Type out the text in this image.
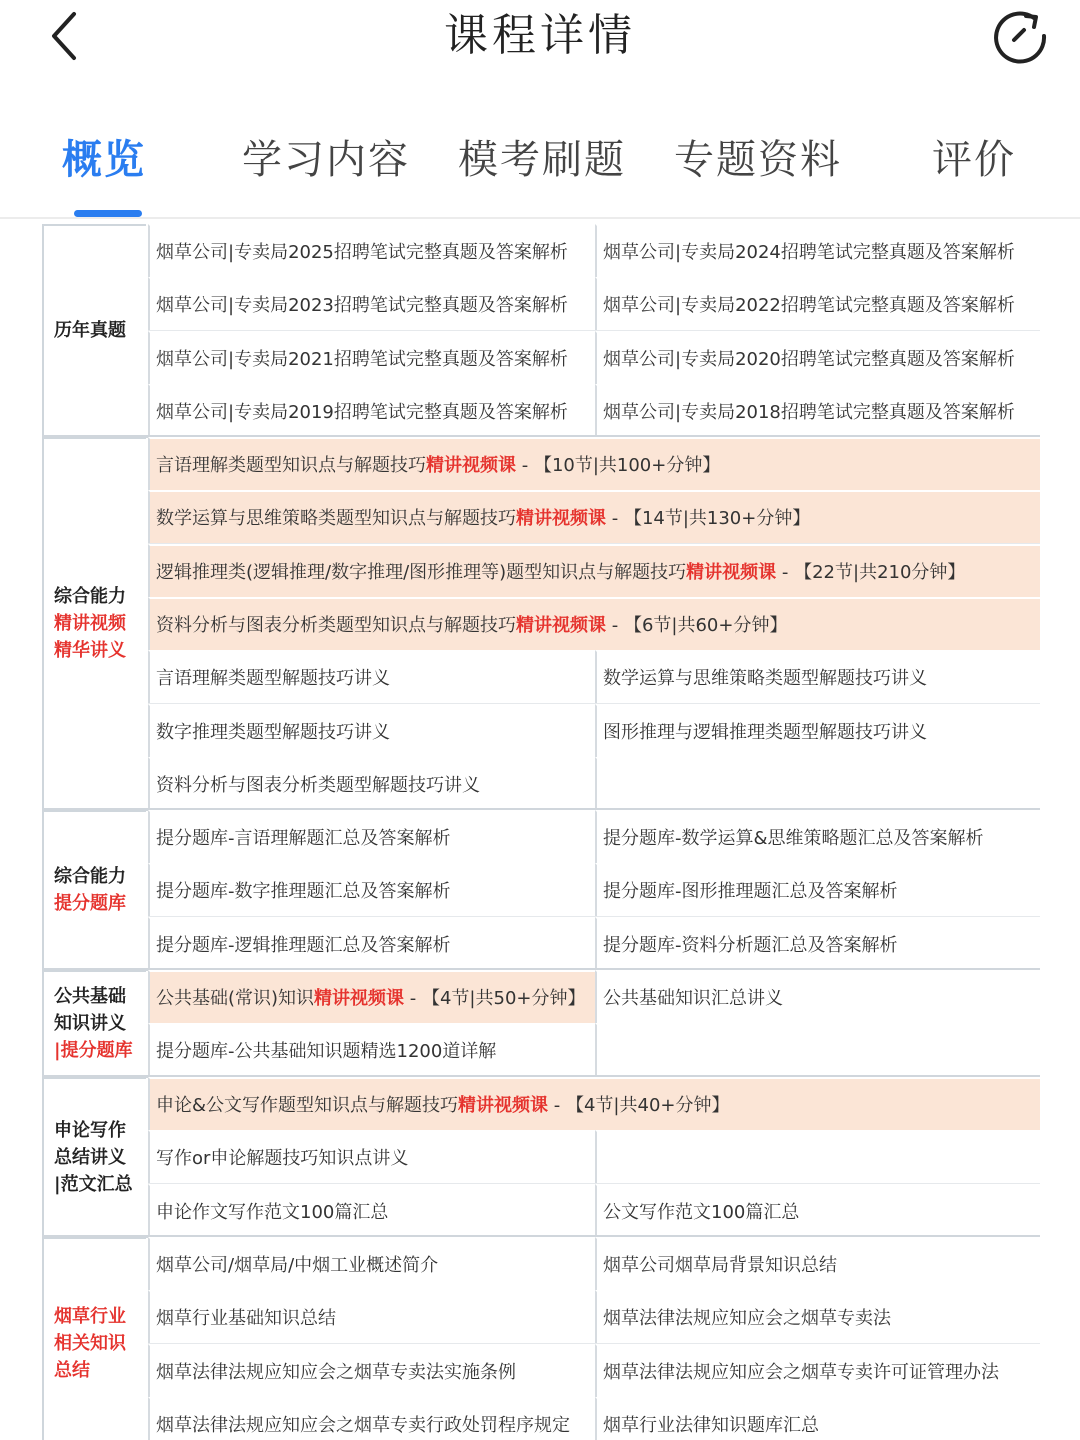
课程详情
概览 学习内容 模考刷题 专题资料 评价
历年真题
烟草公司|专卖局2025招聘笔试完整真题及答案解析	烟草公司|专卖局2024招聘笔试完整真题及答案解析
烟草公司|专卖局2023招聘笔试完整真题及答案解析	烟草公司|专卖局2022招聘笔试完整真题及答案解析
烟草公司|专卖局2021招聘笔试完整真题及答案解析	烟草公司|专卖局2020招聘笔试完整真题及答案解析
烟草公司|专卖局2019招聘笔试完整真题及答案解析	烟草公司|专卖局2018招聘笔试完整真题及答案解析
综合能力
精讲视频
精华讲义
言语理解类题型知识点与解题技巧精讲视频课 - 【10节|共100+分钟】
数学运算与思维策略类题型知识点与解题技巧精讲视频课 - 【14节|共130+分钟】
逻辑推理类(逻辑推理/数字推理/图形推理等)题型知识点与解题技巧精讲视频课 - 【22节|共210分钟】
资料分析与图表分析类题型知识点与解题技巧精讲视频课 - 【6节|共60+分钟】
言语理解类题型解题技巧讲义	数学运算与思维策略类题型解题技巧讲义
数字推理类题型解题技巧讲义	图形推理与逻辑推理类题型解题技巧讲义
资料分析与图表分析类题型解题技巧讲义
综合能力
提分题库
提分题库-言语理解题汇总及答案解析	提分题库-数学运算&思维策略题汇总及答案解析
提分题库-数字推理题汇总及答案解析	提分题库-图形推理题汇总及答案解析
提分题库-逻辑推理题汇总及答案解析	提分题库-资料分析题汇总及答案解析
公共基础
知识讲义
|提分题库
公共基础(常识)知识精讲视频课 - 【4节|共50+分钟】 公共基础知识汇总讲义
提分题库-公共基础知识题精选1200道详解
申论写作
总结讲义
|范文汇总
申论&公文写作题型知识点与解题技巧精讲视频课 - 【4节|共40+分钟】
写作or申论解题技巧知识点讲义
申论作文写作范文100篇汇总	公文写作范文100篇汇总
烟草行业
相关知识
总结
烟草公司/烟草局/中烟工业概述简介	烟草公司烟草局背景知识总结
烟草行业基础知识总结	烟草法律法规应知应会之烟草专卖法
烟草法律法规应知应会之烟草专卖法实施条例	烟草法律法规应知应会之烟草专卖许可证管理办法
烟草法律法规应知应会之烟草专卖行政处罚程序规定	烟草行业法律知识题库汇总
